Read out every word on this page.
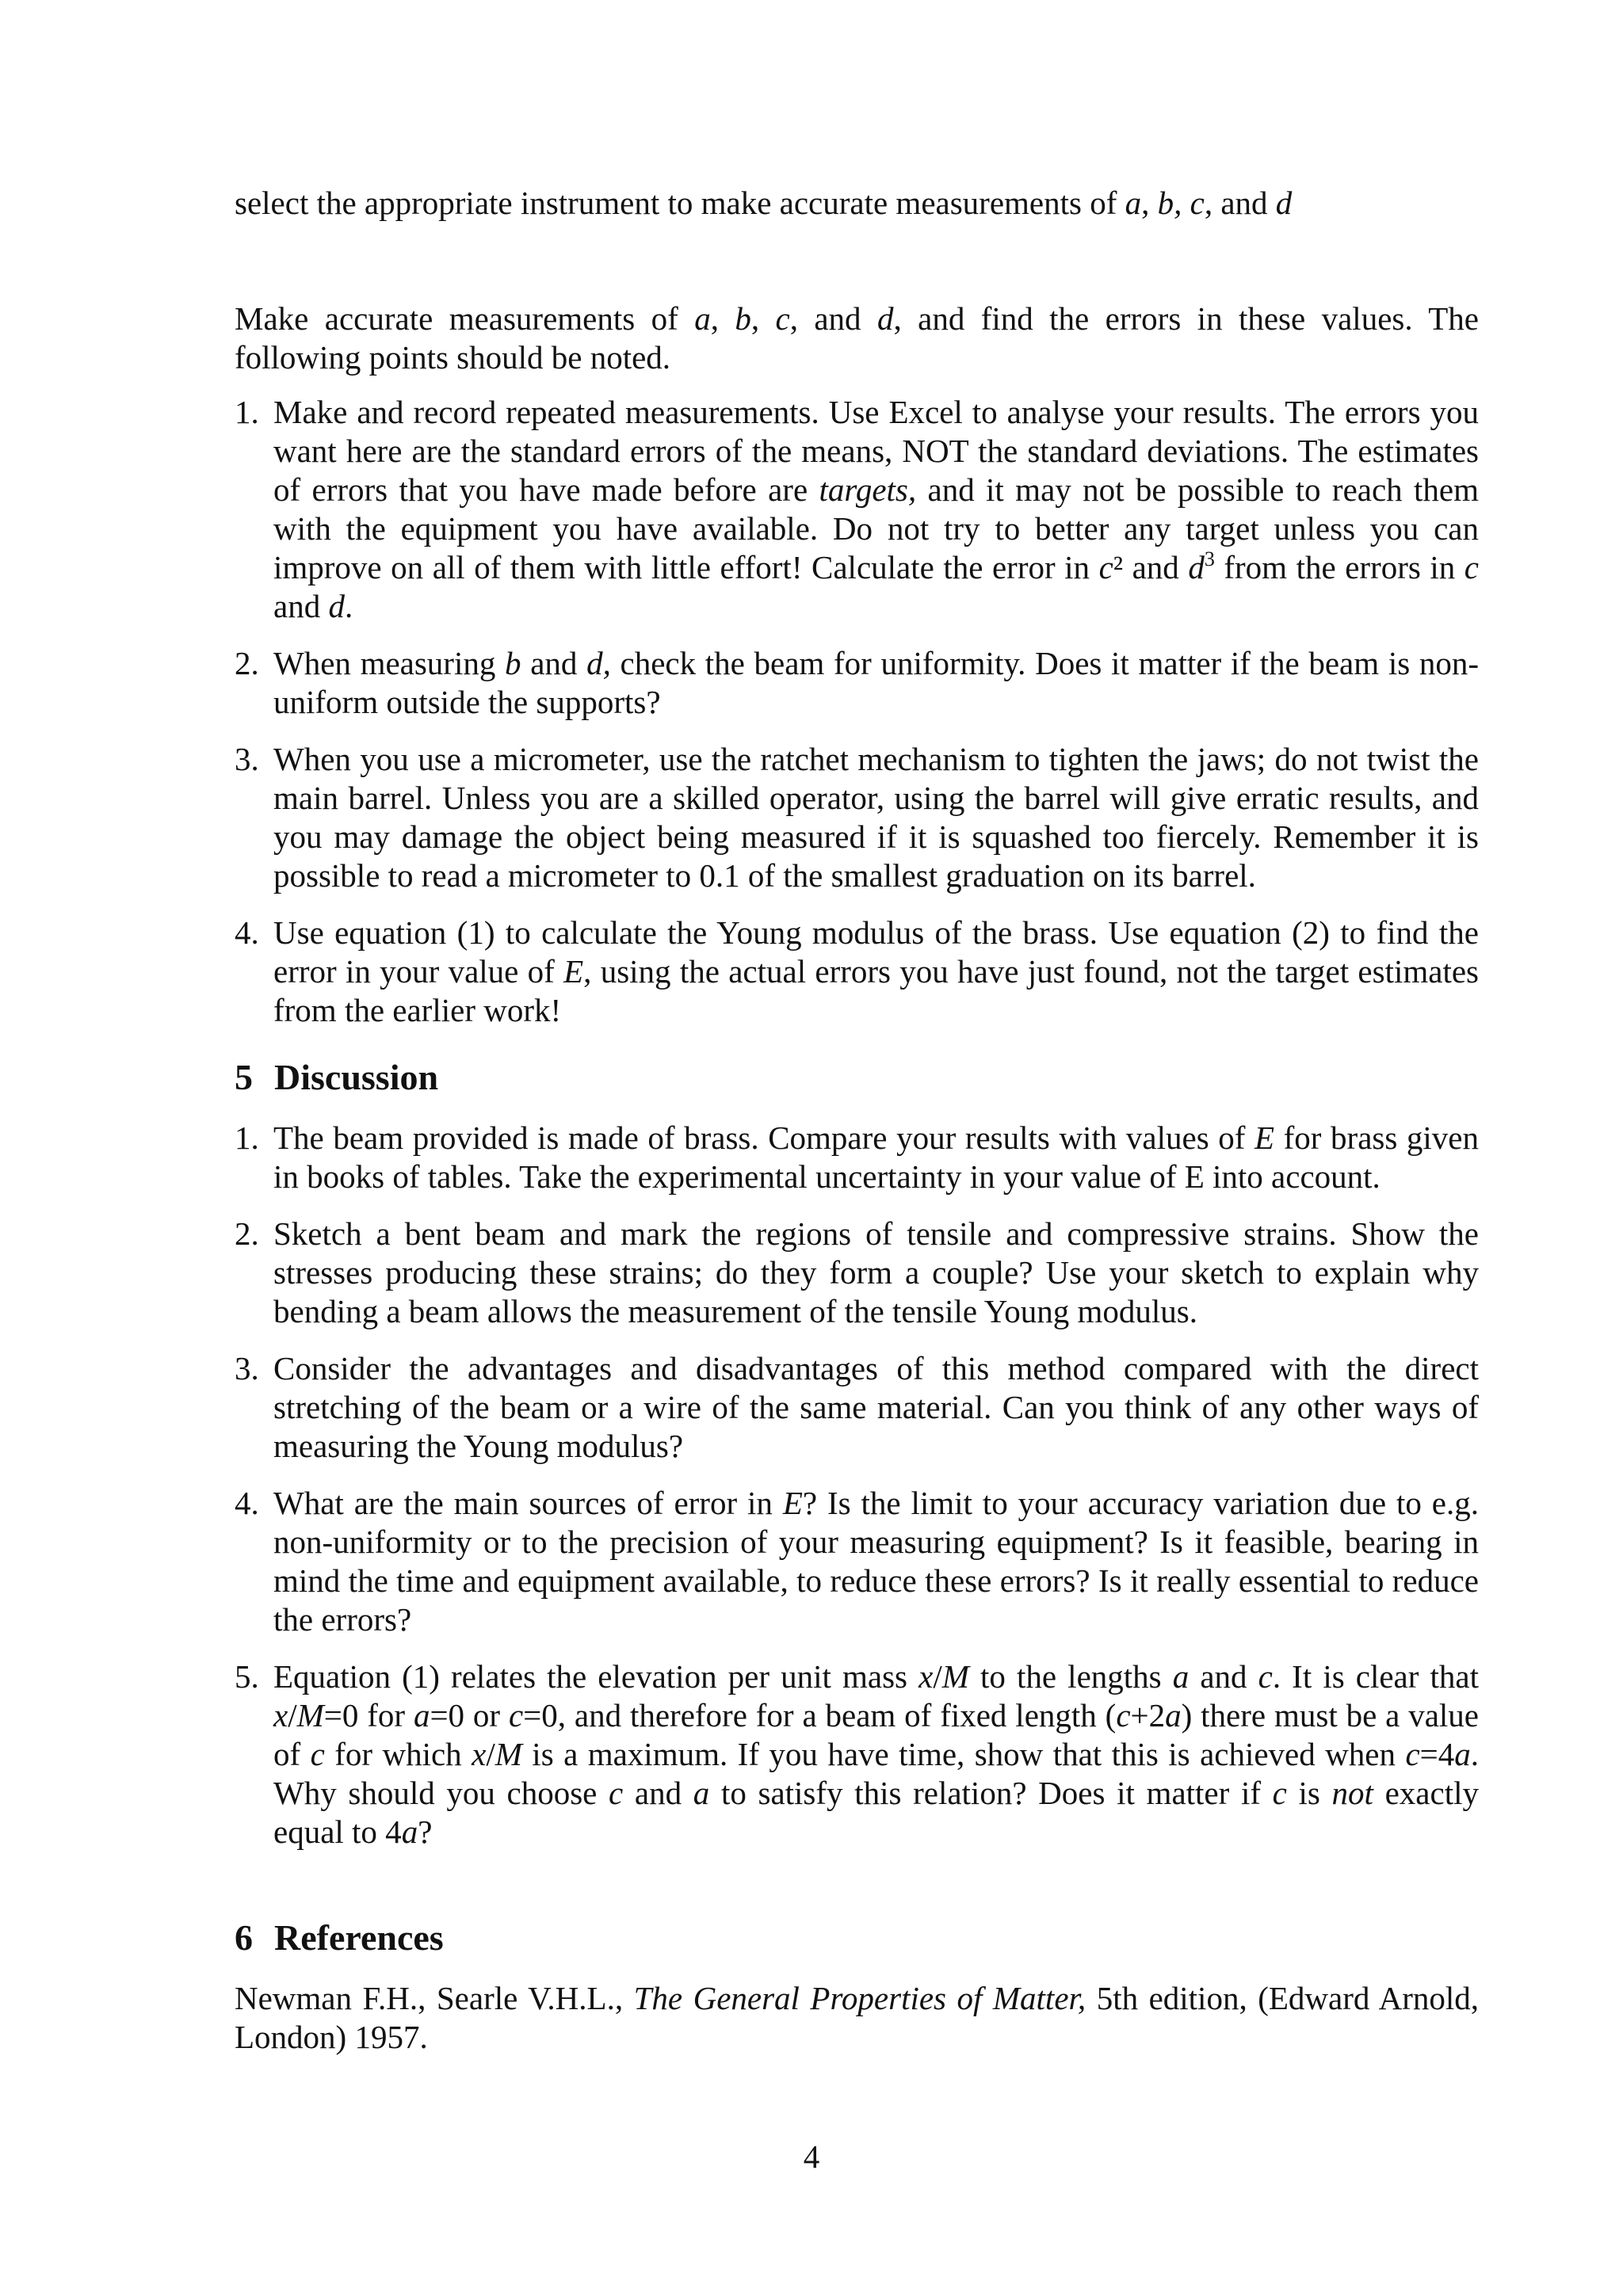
select the appropriate instrument to make accurate measurements of a, b, c, and d
Make accurate measurements of a, b, c, and d, and find the errors in these values. The following points should be noted.
1. Make and record repeated measurements. Use Excel to analyse your results. The errors you want here are the standard errors of the means, NOT the standard deviations. The estimates of errors that you have made before are targets, and it may not be possible to reach them with the equipment you have available. Do not try to better any target unless you can improve on all of them with little effort! Calculate the error in c² and $d^3$ from the errors in c and d.
2. When measuring b and d, check the beam for uniformity. Does it matter if the beam is non-uniform outside the supports?
3. When you use a micrometer, use the ratchet mechanism to tighten the jaws; do not twist the main barrel. Unless you are a skilled operator, using the barrel will give erratic results, and you may damage the object being measured if it is squashed too fiercely. Remember it is possible to read a micrometer to 0.1 of the smallest graduation on its barrel.
4. Use equation (1) to calculate the Young modulus of the brass. Use equation (2) to find the error in your value of E, using the actual errors you have just found, not the target estimates from the earlier work!
5 Discussion
1. The beam provided is made of brass. Compare your results with values of E for brass given in books of tables. Take the experimental uncertainty in your value of E into account.
2. Sketch a bent beam and mark the regions of tensile and compressive strains. Show the stresses producing these strains; do they form a couple? Use your sketch to explain why bending a beam allows the measurement of the tensile Young modulus.
3. Consider the advantages and disadvantages of this method compared with the direct stretching of the beam or a wire of the same material. Can you think of any other ways of measuring the Young modulus?
4. What are the main sources of error in E? Is the limit to your accuracy variation due to e.g. non-uniformity or to the precision of your measuring equipment? Is it feasible, bearing in mind the time and equipment available, to reduce these errors? Is it really essential to reduce the errors?
5. Equation (1) relates the elevation per unit mass x/M to the lengths a and c. It is clear that x/M=0 for a=0 or c=0, and therefore for a beam of fixed length (c+2a) there must be a value of c for which x/M is a maximum. If you have time, show that this is achieved when c=4a. Why should you choose c and a to satisfy this relation? Does it matter if c is not exactly equal to 4a?
6 References
Newman F.H., Searle V.H.L., The General Properties of Matter, 5th edition, (Edward Arnold, London) 1957.
4
